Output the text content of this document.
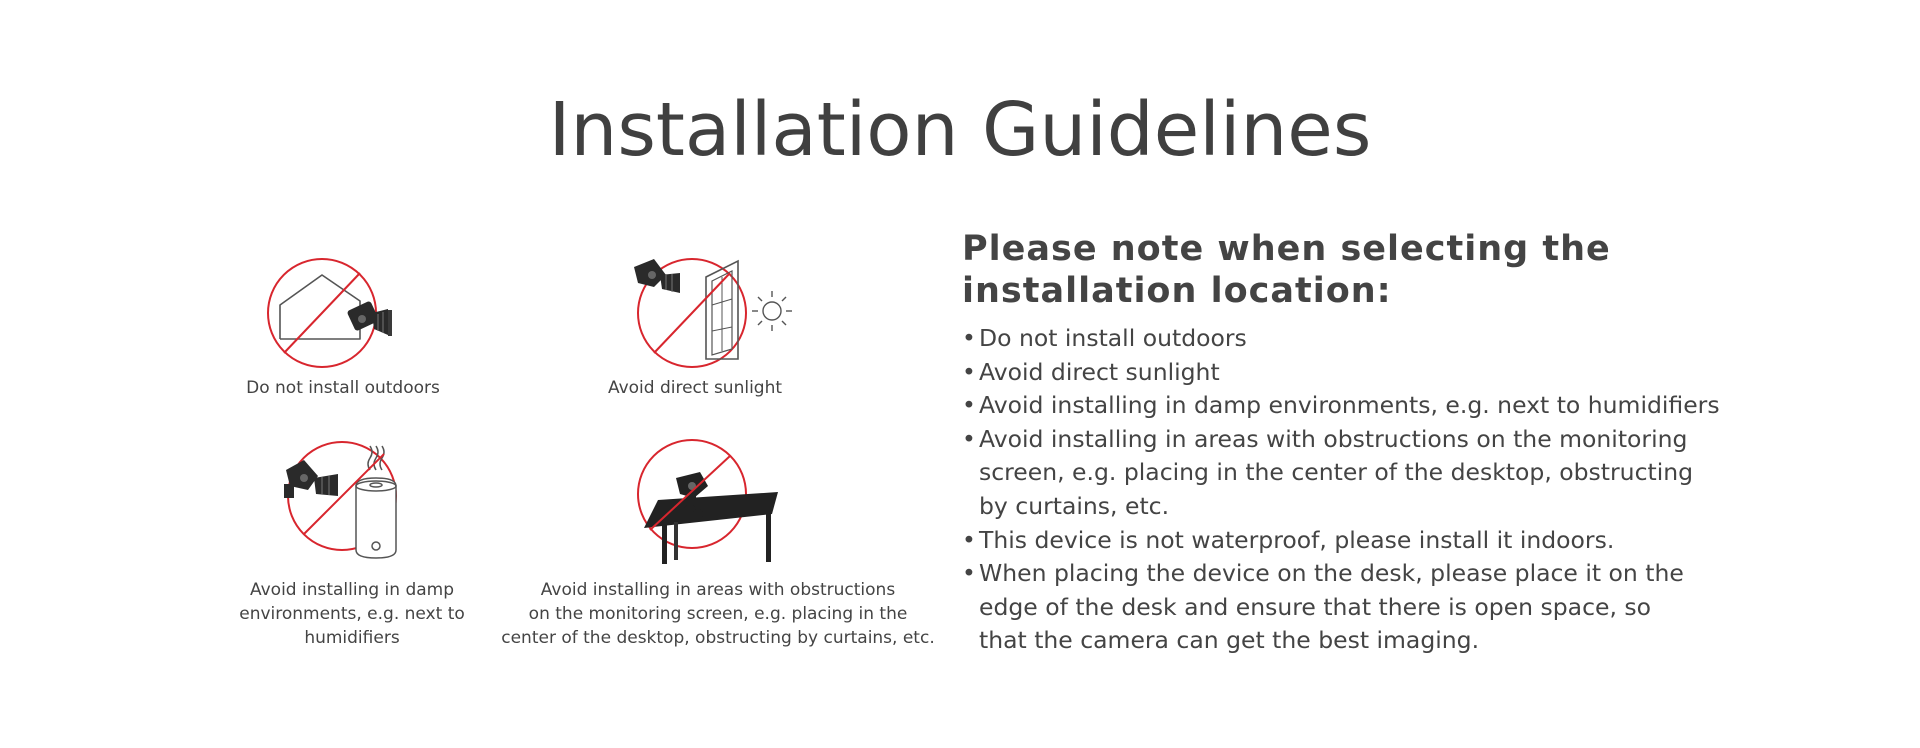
Installation Guidelines
Do not install outdoors	Avoid direct sunlight
Avoid installing in damp
environments, e.g. next to
humidifiers
Avoid installing in areas with obstructions
on the monitoring screen, e.g. placing in the
center of the desktop, obstructing by curtains, etc.
Please note when selecting the
installation location:
• Do not install outdoors
• Avoid direct sunlight
• Avoid installing in damp environments, e.g. next to humidifiers
• Avoid installing in areas with obstructions on the monitoring
screen, e.g. placing in the center of the desktop, obstructing
by curtains, etc.
• This device is not waterproof, please install it indoors.
• When placing the device on the desk, please place it on the
edge of the desk and ensure that there is open space, so
that the camera can get the best imaging.
